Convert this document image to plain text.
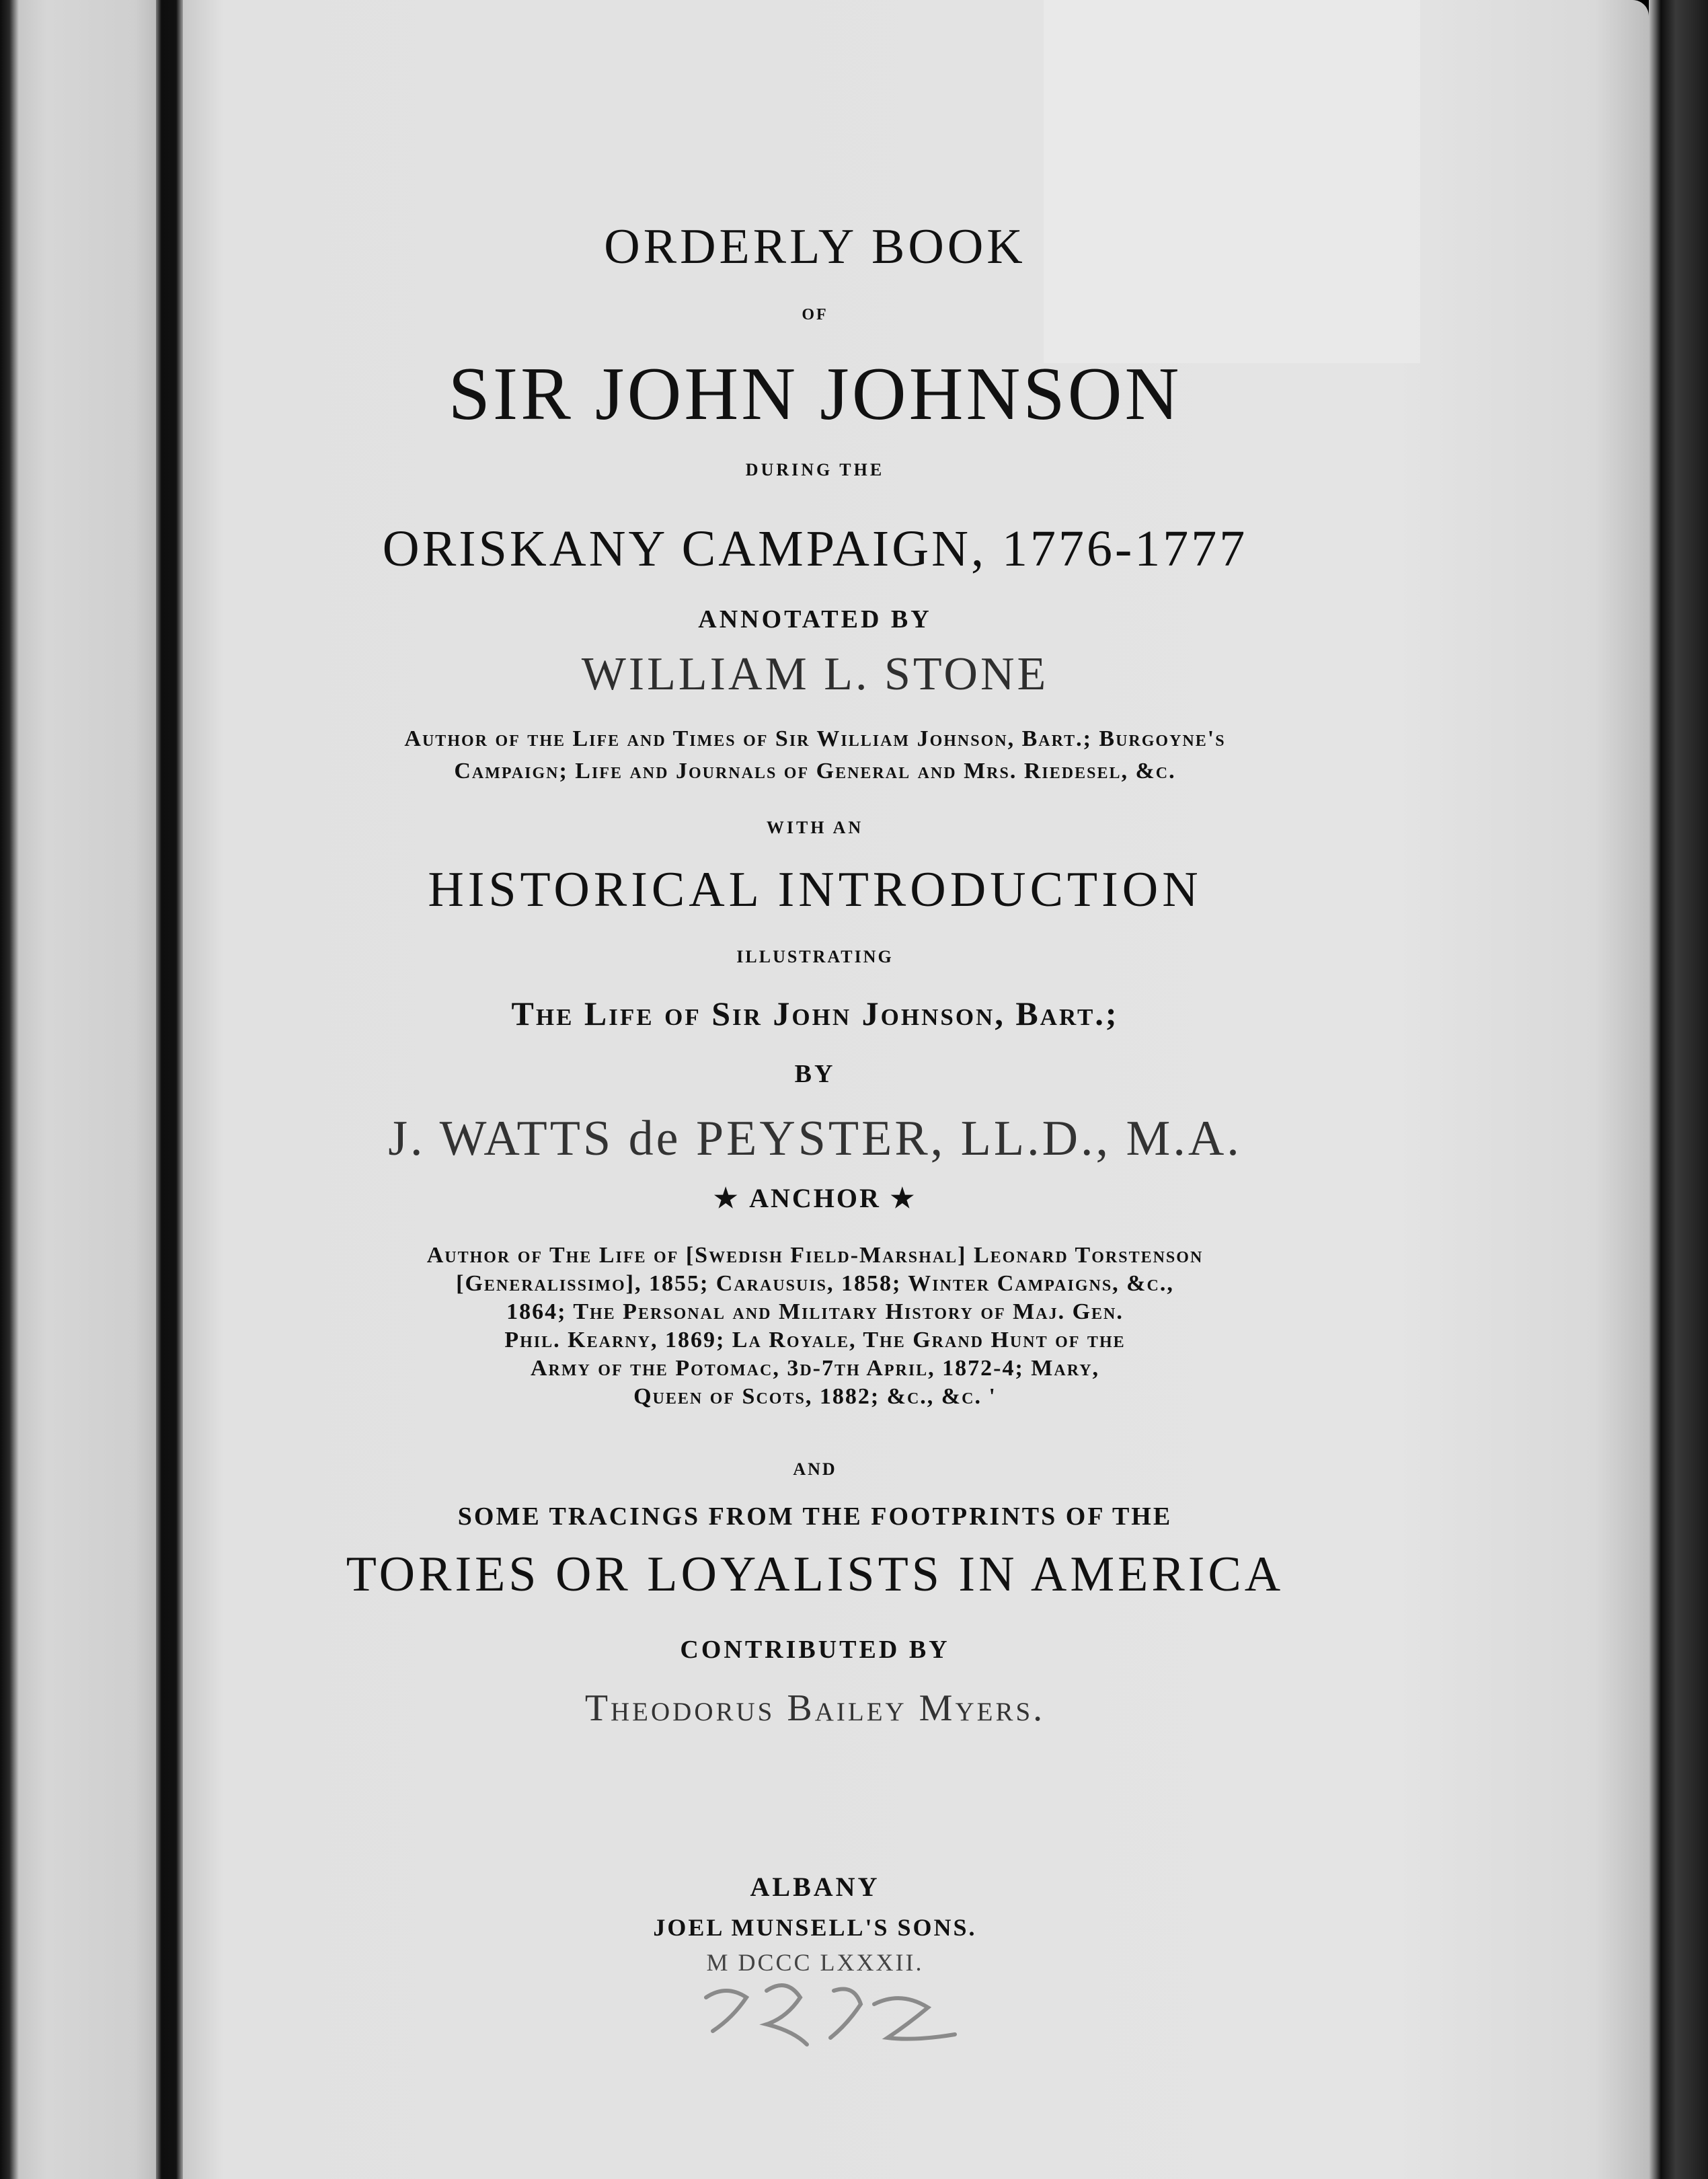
ORDERLY BOOK

OF

SIR JOHN JOHNSON

DURING THE

ORISKANY CAMPAIGN, 1776-1777

ANNOTATED BY

WILLIAM L. STONE

Author of the Life and Times of Sir William Johnson, Bart.; Burgoyne's

Campaign; Life and Journals of General and Mrs. Riedesel, &c.

WITH AN

HISTORICAL INTRODUCTION

ILLUSTRATING

The Life of Sir John Johnson, Bart.;

BY

J. WATTS de PEYSTER, LL.D., M.A.

★ ANCHOR ★

Author of The Life of [Swedish Field-Marshal] Leonard Torstenson

[Generalissimo], 1855; Carausuis, 1858; Winter Campaigns, &c.,

1864; The Personal and Military History of Maj. Gen.

Phil. Kearny, 1869; La Royale, The Grand Hunt of the

Army of the Potomac, 3d-7th April, 1872-4; Mary,

Queen of Scots, 1882; &c., &c. '

AND

SOME TRACINGS FROM THE FOOTPRINTS OF THE

TORIES OR LOYALISTS IN AMERICA

CONTRIBUTED BY

Theodorus Bailey Myers.

ALBANY

JOEL MUNSELL'S SONS.

M DCCC LXXXII.
